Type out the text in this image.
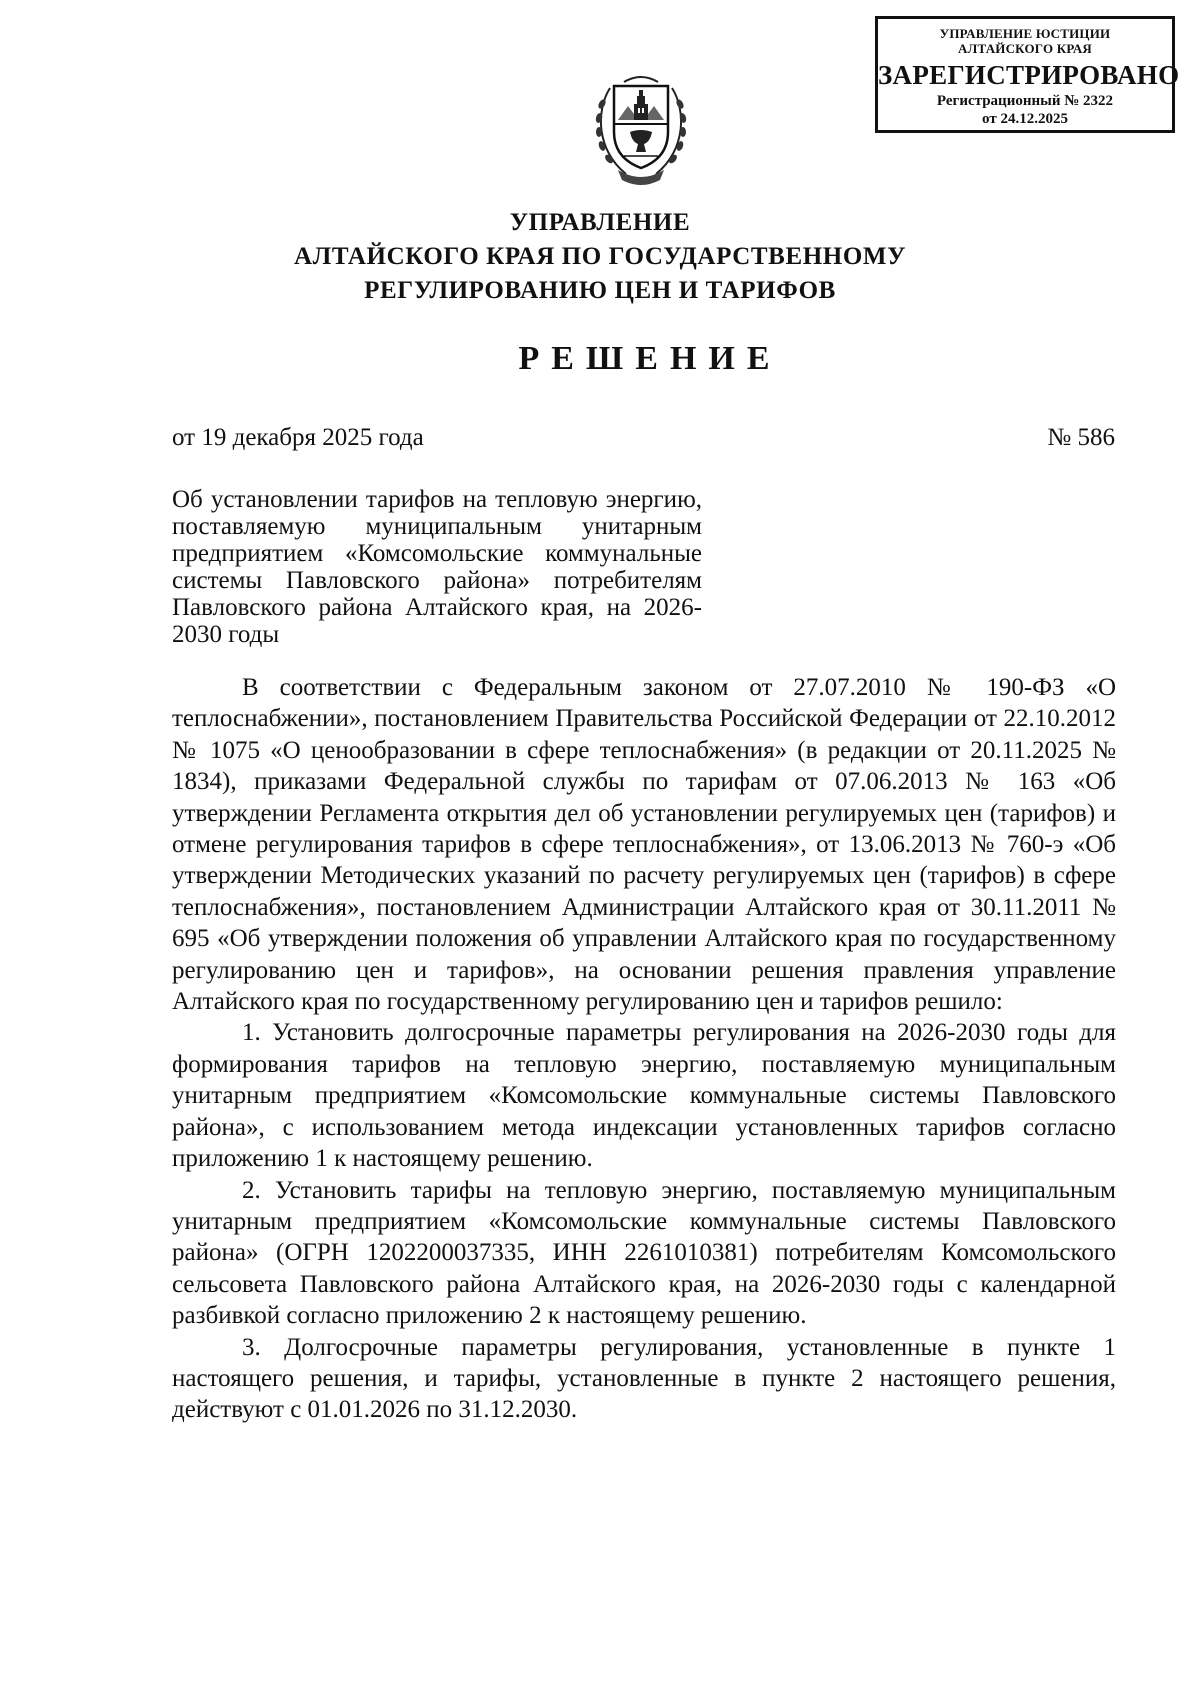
УПРАВЛЕНИЕ ЮСТИЦИИ
АЛТАЙСКОГО КРАЯ
ЗАРЕГИСТРИРОВАНО
Регистрационный № 2322
от 24.12.2025
УПРАВЛЕНИЕ
АЛТАЙСКОГО КРАЯ ПО ГОСУДАРСТВЕННОМУ
РЕГУЛИРОВАНИЮ ЦЕН И ТАРИФОВ
РЕШЕНИЕ
от 19 декабря 2025 года	№ 586
Об установлении тарифов на тепловую энергию, поставляемую муниципальным унитарным предприятием «Комсомольские коммунальные системы Павловского района» потребителям Павловского района Алтайского края, на 2026-2030 годы

В соответствии с Федеральным законом от 27.07.2010 № 190-ФЗ «О теплоснабжении», постановлением Правительства Российской Федерации от 22.10.2012 № 1075 «О ценообразовании в сфере теплоснабжения» (в редакции от 20.11.2025 № 1834), приказами Федеральной службы по тарифам от 07.06.2013 № 163 «Об утверждении Регламента открытия дел об установлении регулируемых цен (тарифов) и отмене регулирования тарифов в сфере теплоснабжения», от 13.06.2013 № 760-э «Об утверждении Методических указаний по расчету регулируемых цен (тарифов) в сфере теплоснабжения», постановлением Администрации Алтайского края от 30.11.2011 № 695 «Об утверждении положения об управлении Алтайского края по государственному регулированию цен и тарифов», на основании решения правления управление Алтайского края по государственному регулированию цен и тарифов решило:

1. Установить долгосрочные параметры регулирования на 2026-2030 годы для формирования тарифов на тепловую энергию, поставляемую муниципальным унитарным предприятием «Комсомольские коммунальные системы Павловского района», с использованием метода индексации установленных тарифов согласно приложению 1 к настоящему решению.

2. Установить тарифы на тепловую энергию, поставляемую муниципальным унитарным предприятием «Комсомольские коммунальные системы Павловского района» (ОГРН 1202200037335, ИНН 2261010381) потребителям Комсомольского сельсовета Павловского района Алтайского края, на 2026-2030 годы с календарной разбивкой согласно приложению 2 к настоящему решению.

3. Долгосрочные параметры регулирования, установленные в пункте 1 настоящего решения, и тарифы, установленные в пункте 2 настоящего решения, действуют с 01.01.2026 по 31.12.2030.
